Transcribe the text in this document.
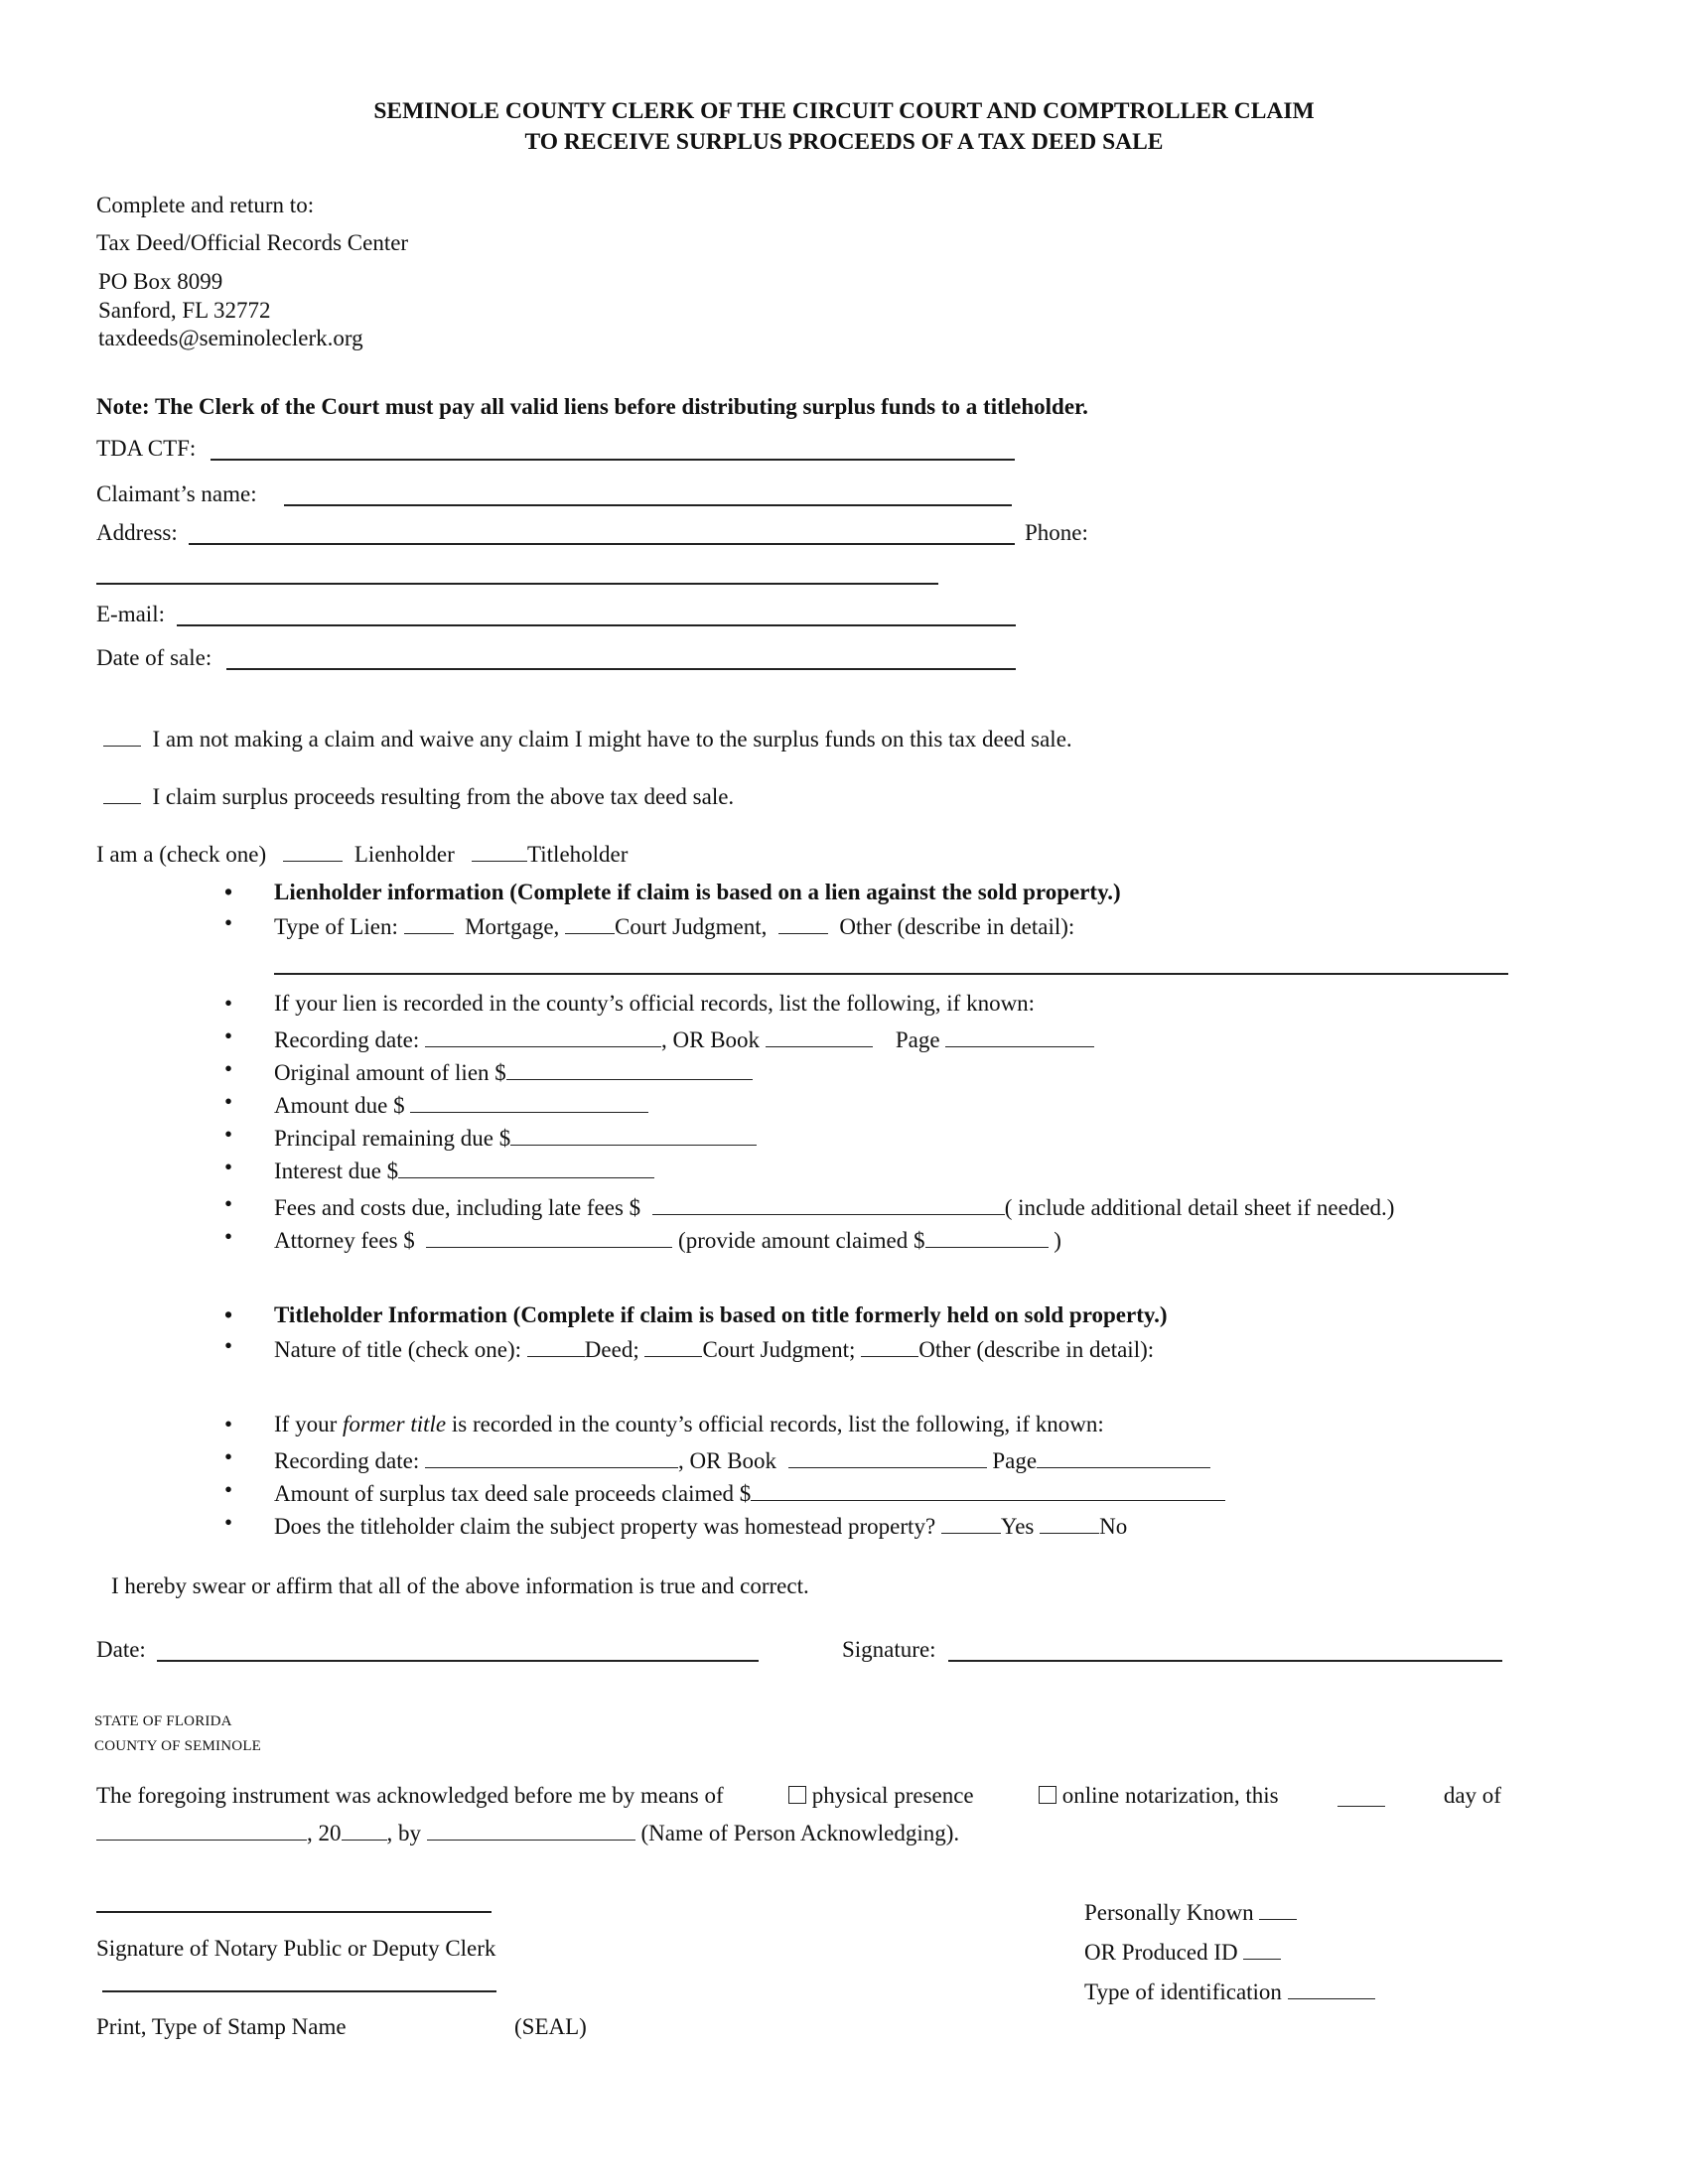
SEMINOLE COUNTY CLERK OF THE CIRCUIT COURT AND COMPTROLLER CLAIM
TO RECEIVE SURPLUS PROCEEDS OF A TAX DEED SALE
Complete and return to:
Tax Deed/Official Records Center
PO Box 8099
Sanford, FL 32772
taxdeeds@seminoleclerk.org
Note: The Clerk of the Court must pay all valid liens before distributing surplus funds to a titleholder.
TDA CTF:
Claimant’s name:
Address:	Phone:
E-mail:
Date of sale:
I am not making a claim and waive any claim I might have to the surplus funds on this tax deed sale.
I claim surplus proceeds resulting from the above tax deed sale.
I am a (check one)	Lienholder	Titleholder
• Lienholder information (Complete if claim is based on a lien against the sold property.)
• Type of Lien:	Mortgage, Court Judgment,	Other (describe in detail):
• If your lien is recorded in the county’s official records, list the following, if known:
• Recording date:	, OR Book	Page
• Original amount of lien $
• Amount due $
• Principal remaining due $
• Interest due $
• Fees and costs due, including late fees $	( include additional detail sheet if needed.)
• Attorney fees $	(provide amount claimed $	)
• Titleholder Information (Complete if claim is based on title formerly held on sold property.)
• Nature of title (check one):	Deed;	Court Judgment;	Other (describe in detail):
• If your former title is recorded in the county’s official records, list the following, if known:
• Recording date:	, OR Book	Page
• Amount of surplus tax deed sale proceeds claimed $
• Does the titleholder claim the subject property was homestead property?	Yes	No
I hereby swear or affirm that all of the above information is true and correct.
Date:	Signature:
STATE OF FLORIDA
COUNTY OF SEMINOLE
The foregoing instrument was acknowledged before me by means of	physical presence	online notarization, this	day of
, 20 , by	(Name of Person Acknowledging).
Signature of Notary Public or Deputy Clerk
Print, Type of Stamp Name	(SEAL)
Personally Known
OR Produced ID
Type of identification
